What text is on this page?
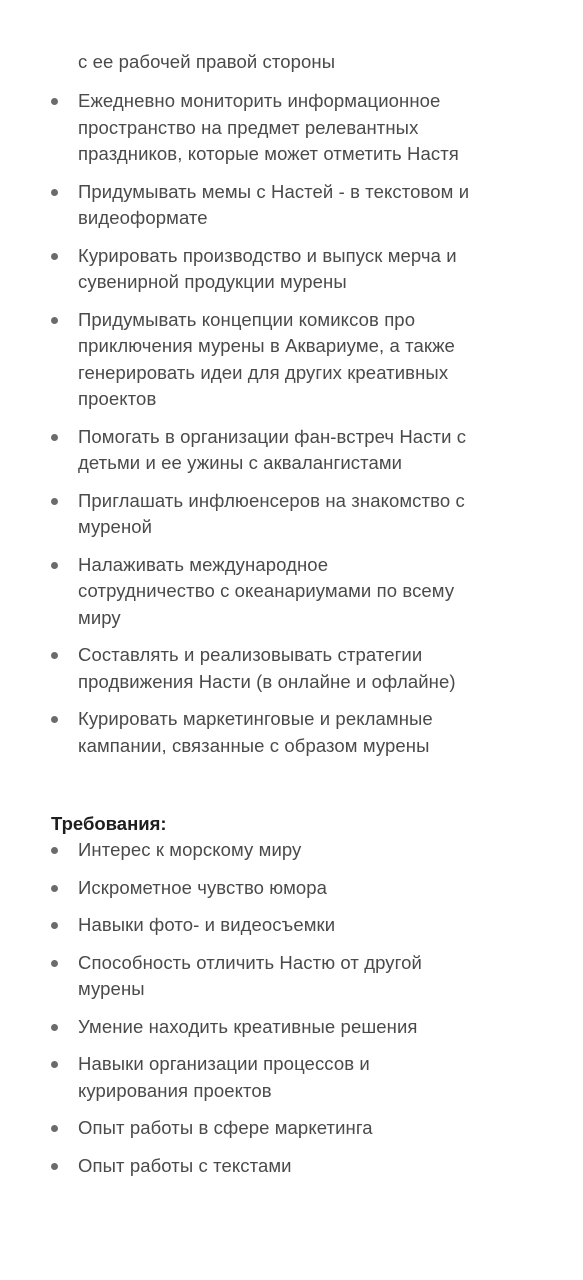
с ее рабочей правой стороны
Ежедневно мониторить информационное
пространство на предмет релевантных
праздников, которые может отметить Настя
Придумывать мемы с Настей - в текстовом и
видеоформате
Курировать производство и выпуск мерча и
сувенирной продукции мурены
Придумывать концепции комиксов про
приключения мурены в Аквариуме, а также
генерировать идеи для других креативных
проектов
Помогать в организации фан-встреч Насти с
детьми и ее ужины с аквалангистами
Приглашать инфлюенсеров на знакомство с
муреной
Налаживать международное
сотрудничество с океанариумами по всему
миру
Составлять и реализовывать стратегии
продвижения Насти (в онлайне и офлайне)
Курировать маркетинговые и рекламные
кампании, связанные с образом мурены
Требования:
Интерес к морскому миру
Искрометное чувство юмора
Навыки фото- и видеосъемки
Способность отличить Настю от другой
мурены
Умение находить креативные решения
Навыки организации процессов и
курирования проектов
Опыт работы в сфере маркетинга
Опыт работы с текстами
